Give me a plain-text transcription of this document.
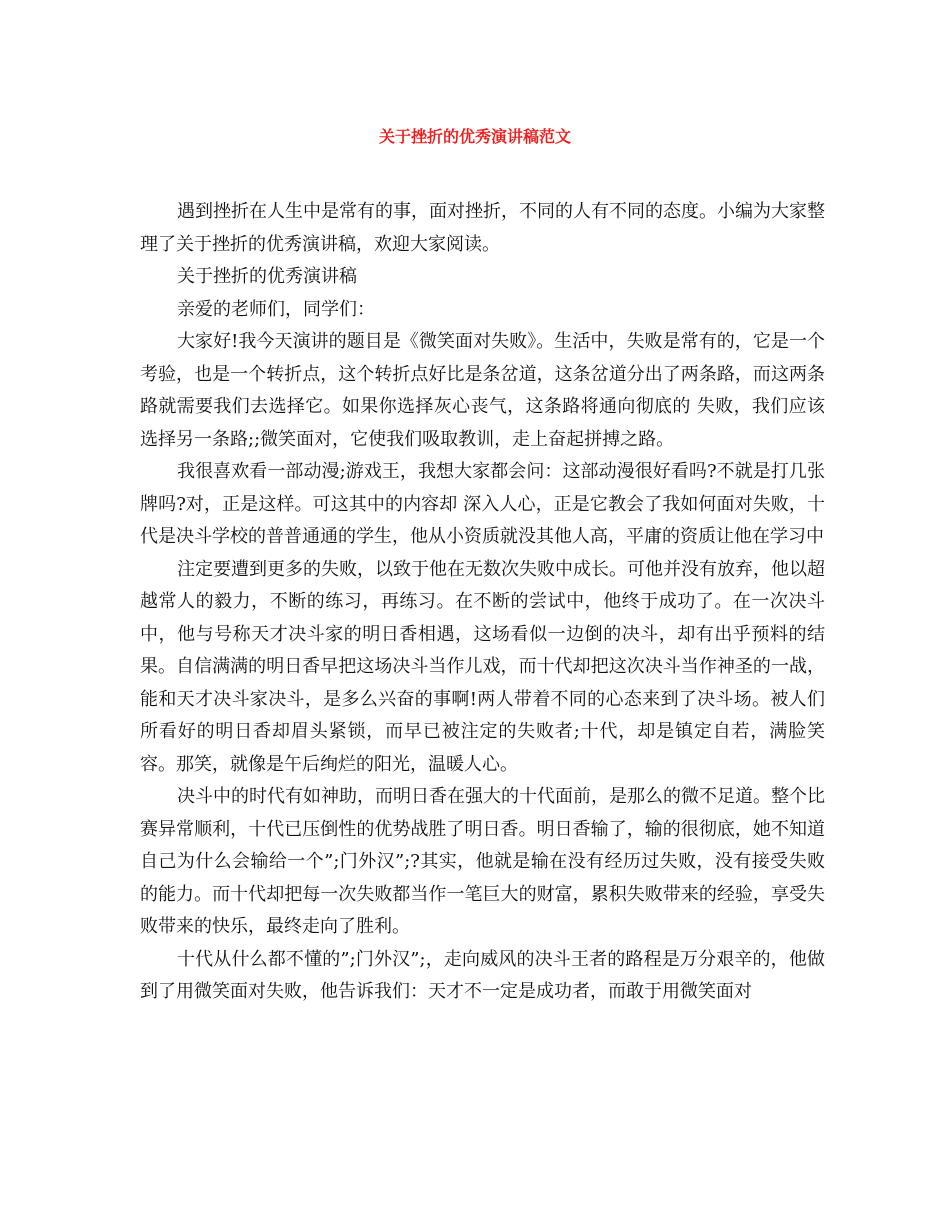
关于挫折的优秀演讲稿范文

遇到挫折在人生中是常有的事，面对挫折，不同的人有不同的态度。小编为大家整理了关于挫折的优秀演讲稿，欢迎大家阅读。

关于挫折的优秀演讲稿

亲爱的老师们，同学们：

大家好!我今天演讲的题目是《微笑面对失败》。生活中，失败是常有的，它是一个考验，也是一个转折点，这个转折点好比是条岔道，这条岔道分出了两条路，而这两条路就需要我们去选择它。如果你选择灰心丧气，这条路将通向彻底的 失败，我们应该选择另一条路;;微笑面对，它使我们吸取教训，走上奋起拼搏之路。

我很喜欢看一部动漫;游戏王，我想大家都会问：这部动漫很好看吗?不就是打几张牌吗?对，正是这样。可这其中的内容却 深入人心，正是它教会了我如何面对失败，十代是决斗学校的普普通通的学生，他从小资质就没其他人高，平庸的资质让他在学习中

注定要遭到更多的失败，以致于他在无数次失败中成长。可他并没有放弃，他以超越常人的毅力，不断的练习，再练习。在不断的尝试中，他终于成功了。在一次决斗中，他与号称天才决斗家的明日香相遇，这场看似一边倒的决斗，却有出乎预料的结果。自信满满的明日香早把这场决斗当作儿戏，而十代却把这次决斗当作神圣的一战，能和天才决斗家决斗，是多么兴奋的事啊!两人带着不同的心态来到了决斗场。被人们所看好的明日香却眉头紧锁，而早已被注定的失败者;十代，却是镇定自若，满脸笑容。那笑，就像是午后绚烂的阳光，温暖人心。

决斗中的时代有如神助，而明日香在强大的十代面前，是那么的微不足道。整个比赛异常顺利，十代已压倒性的优势战胜了明日香。明日香输了，输的很彻底，她不知道自己为什么会输给一个”;门外汉”;?其实，他就是输在没有经历过失败，没有接受失败的能力。而十代却把每一次失败都当作一笔巨大的财富，累积失败带来的经验，享受失败带来的快乐，最终走向了胜利。

十代从什么都不懂的”;门外汉”;，走向威风的决斗王者的路程是万分艰辛的，他做到了用微笑面对失败，他告诉我们：天才不一定是成功者，而敢于用微笑面对
